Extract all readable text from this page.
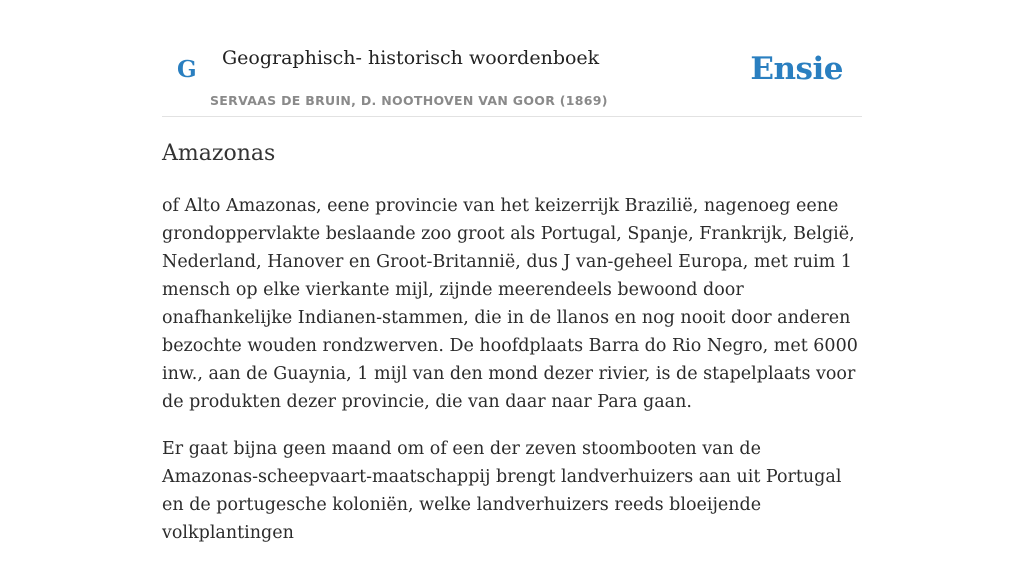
G Geographisch- historisch woordenboek
SERVAAS DE BRUIN, D. NOOTHOVEN VAN GOOR (1869)
Ensie
Amazonas

of Alto Amazonas, eene provincie van het keizerrijk Brazilië, nagenoeg eene grondoppervlakte beslaande zoo groot als Portugal, Spanje, Frankrijk, België, Nederland, Hanover en Groot-Britannië, dus J van-geheel Europa, met ruim 1 mensch op elke vierkante mijl, zijnde meerendeels bewoond door onafhankelijke Indianen-stammen, die in de llanos en nog nooit door anderen bezochte wouden rondzwerven. De hoofdplaats Barra do Rio Negro, met 6000 inw., aan de Guaynia, 1 mijl van den mond dezer rivier, is de stapelplaats voor de produkten dezer provincie, die van daar naar Para gaan.

Er gaat bijna geen maand om of een der zeven stoombooten van de Amazonas-scheepvaart-maatschappij brengt landverhuizers aan uit Portugal en de portugesche koloniën, welke landverhuizers reeds bloeijende volkplantingen
